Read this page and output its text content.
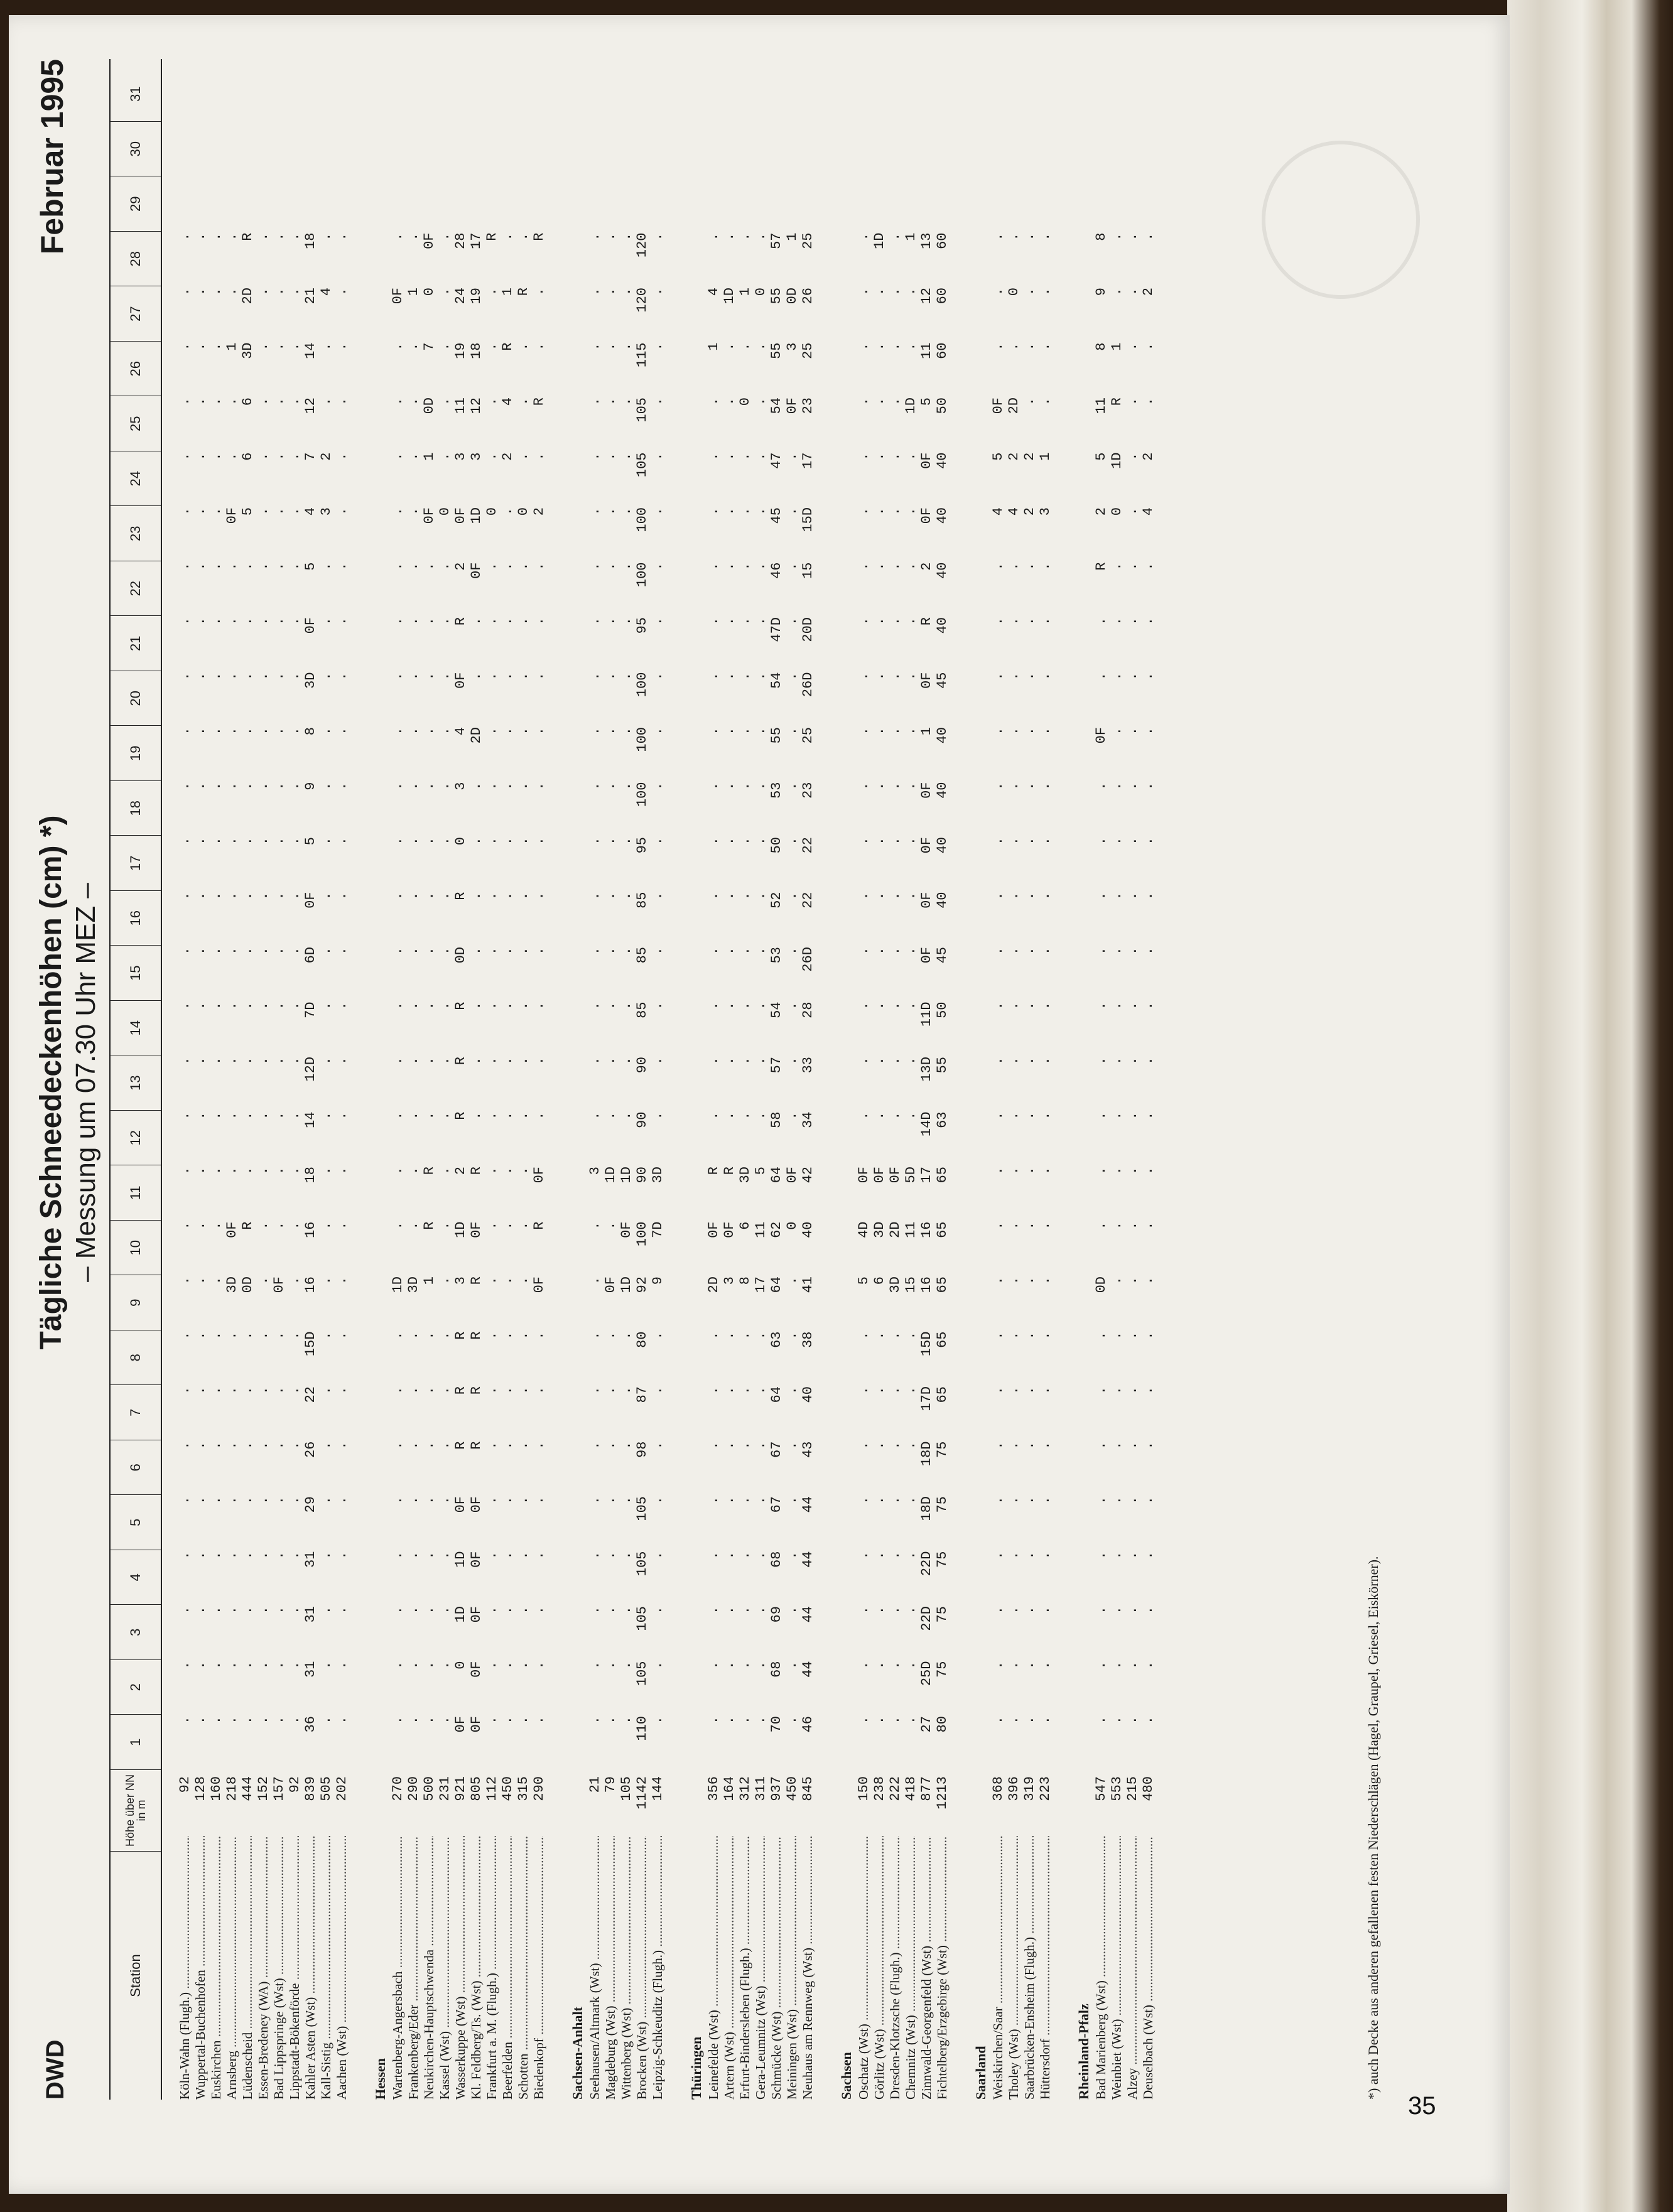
DWD
Tägliche Schneedeckenhöhen (cm) *) – Messung um 07.30 Uhr MEZ –
Februar 1995
Station
Höhe über NN in m
1
2
3
4
5
6
7
8
9
10
11
12
13
14
15
16
17
18
19
20
21
22
23
24
25
26
27
28
29
30
31
Köln-Wahn (Flugh.) .....
92
.
.
.
.
.
.
.
.
.
.
.
.
.
.
.
.
.
.
.
.
.
.
.
.
.
.
.
.
Wuppertal-Buchenhofen .....
128
.
.
.
.
.
.
.
.
.
.
.
.
.
.
.
.
.
.
.
.
.
.
.
.
.
.
.
.
Euskirchen .....
160
.
.
.
.
.
.
.
.
.
.
.
.
.
.
.
.
.
.
.
.
.
.
.
.
.
.
.
.
Arnsberg .....
218
.
.
.
.
.
.
.
.
3D
0F
.
.
.
.
.
.
.
.
.
.
.
.
0F
.
.
1
.
.
Lüdenscheid .....
444
.
.
.
.
.
.
.
.
0D
R
.
.
.
.
.
.
.
.
.
.
.
.
5
6
6
3D
2D
R
Essen-Bredeney (WA) .....
152
.
.
.
.
.
.
.
.
.
.
.
.
.
.
.
.
.
.
.
.
.
.
.
.
.
.
.
.
Bad Lippspringe (Wst) .....
157
.
.
.
.
.
.
.
.
0F
.
.
.
.
.
.
.
.
.
.
.
.
.
.
.
.
.
.
.
Lippstadt-Bökenförde .....
92
.
.
.
.
.
.
.
.
.
.
.
.
.
.
.
.
.
.
.
.
.
.
.
.
.
.
.
.
Kahler Asten (Wst) .....
839
36
31
31
31
29
26
22
15D
16
16
18
14
12D
7D
6D
0F
5
9
8
3D
0F
5
4
7
12
14
21
18
Kall-Sistig .....
505
.
.
.
.
.
.
.
.
.
.
.
.
.
.
.
.
.
.
.
.
.
.
3
2
.
.
4
.
Aachen (Wst) .....
202
.
.
.
.
.
.
.
.
.
.
.
.
.
.
.
.
.
.
.
.
.
.
.
.
.
.
.
.
Hessen Wartenberg-Angersbach .....
270
.
.
.
.
.
.
.
.
1D
.
.
.
.
.
.
.
.
.
.
.
.
.
.
.
.
.
0F
.
Frankenberg/Eder .....
290
.
.
.
.
.
.
.
.
3D
.
.
.
.
.
.
.
.
.
.
.
.
.
.
.
.
.
1
.
Neukirchen-Hauptschwenda .....
500
.
.
.
.
.
.
.
.
1
R
R
.
.
.
.
.
.
.
.
.
.
.
0F
1
0D
7
0
0F
Kassel (Wst) .....
231
.
.
.
.
.
.
.
.
.
.
.
.
.
.
.
.
.
.
.
.
.
.
0
.
.
.
.
.
Wasserkuppe (Wst) .....
921
0F
0
1D
1D
0F
R
R
R
3
1D
2
R
R
R
0D
R
0
3
4
0F
R
2
0F
3
11
19
24
28
Kl. Feldberg/Ts. (Wst) .....
805
0F
0F
0F
0F
0F
R
R
R
R
0F
R
.
.
.
.
.
.
.
2D
.
.
0F
1D
3
12
18
19
17
Frankfurt a. M. (Flugh.) .....
112
.
.
.
.
.
.
.
.
.
.
.
.
.
.
.
.
.
.
.
.
.
.
0
.
.
.
.
R
Beerfelden .....
450
.
.
.
.
.
.
.
.
.
.
.
.
.
.
.
.
.
.
.
.
.
.
.
2
4
R
1
.
Schotten .....
315
.
.
.
.
.
.
.
.
.
.
.
.
.
.
.
.
.
.
.
.
.
.
0
.
.
.
R
.
Biedenkopf .....
290
.
.
.
.
.
.
.
.
0F
R
0F
.
.
.
.
.
.
.
.
.
.
.
2
.
R
.
.
R
Sachsen-Anhalt Seehausen/Altmark (Wst) .....
21
.
.
.
.
.
.
.
.
.
.
3
.
.
.
.
.
.
.
.
.
.
.
.
.
.
.
.
.
Magdeburg (Wst) .....
79
.
.
.
.
.
.
.
.
0F
.
1D
.
.
.
.
.
.
.
.
.
.
.
.
.
.
.
.
.
Wittenberg (Wst) .....
105
.
.
.
.
.
.
.
.
1D
0F
1D
.
.
.
.
.
.
.
.
.
.
.
.
.
.
.
.
.
Brocken (Wst) .....
1142
110
105
105
105
105
98
87
80
92
100
90
90
90
85
85
85
95
100
100
100
95
100
100
105
105
115
120
120
Leipzig-Schkeuditz (Flugh.) .....
144
.
.
.
.
.
.
.
.
9
7D
3D
.
.
.
.
.
.
.
.
.
.
.
.
.
.
.
.
.
Thüringen Leinefelde (Wst) .....
356
.
.
.
.
.
.
.
.
2D
0F
R
.
.
.
.
.
.
.
.
.
.
.
.
.
.
1
4
.
Artern (Wst) .....
164
.
.
.
.
.
.
.
.
3
0F
R
.
.
.
.
.
.
.
.
.
.
.
.
.
.
.
1D
.
Erfurt-Bindersleben (Flugh.) .....
312
.
.
.
.
.
.
.
.
8
6
3D
.
.
.
.
.
.
.
.
.
.
.
.
.
0
.
1
.
Gera-Leumnitz (Wst) .....
311
.
.
.
.
.
.
.
.
17
11
5
.
.
.
.
.
.
.
.
.
.
.
.
.
.
.
0
.
Schmücke (Wst) .....
937
70
68
69
68
67
67
64
63
64
62
64
58
57
54
53
52
50
53
55
54
47D
46
45
47
54
55
55
57
Meiningen (Wst) .....
450
.
.
.
.
.
.
.
.
.
0
0F
.
.
.
.
.
.
.
.
.
.
.
.
.
0F
3
0D
1
Neuhaus am Rennweg (Wst) .....
845
46
44
44
44
44
43
40
38
41
40
42
34
33
28
26D
22
22
23
25
26D
20D
15
15D
17
23
25
26
25
Sachsen Oschatz (Wst) .....
150
.
.
.
.
.
.
.
.
5
4D
0F
.
.
.
.
.
.
.
.
.
.
.
.
.
.
.
.
.
Görlitz (Wst) .....
238
.
.
.
.
.
.
.
.
6
3D
0F
.
.
.
.
.
.
.
.
.
.
.
.
.
.
.
.
1D
Dresden-Klotzsche (Flugh.) .....
222
.
.
.
.
.
.
.
.
3D
2D
0F
.
.
.
.
.
.
.
.
.
.
.
.
.
.
.
.
.
Chemnitz (Wst) .....
418
.
.
.
.
.
.
.
.
15
11
5D
.
.
.
.
.
.
.
.
.
.
.
.
.
1D
.
.
1
Zinnwald-Georgenfeld (Wst) .....
877
27
25D
22D
22D
18D
18D
17D
15D
16
16
17
14D
13D
11D
0F
0F
0F
0F
1
0F
R
2
0F
0F
5
11
12
13
Fichtelberg/Erzgebirge (Wst) .....
1213
80
75
75
75
75
75
65
65
65
65
65
63
55
50
45
40
40
40
40
45
40
40
40
40
50
60
60
60
Saarland Weiskirchen/Saar .....
368
.
.
.
.
.
.
.
.
.
.
.
.
.
.
.
.
.
.
.
.
.
.
4
5
0F
.
.
.
Tholey (Wst) .....
396
.
.
.
.
.
.
.
.
.
.
.
.
.
.
.
.
.
.
.
.
.
.
4
2
2D
.
0
.
Saarbrücken-Ensheim (Flugh.) .....
319
.
.
.
.
.
.
.
.
.
.
.
.
.
.
.
.
.
.
.
.
.
.
2
2
.
.
.
.
Hüttersdorf .....
223
.
.
.
.
.
.
.
.
.
.
.
.
.
.
.
.
.
.
.
.
.
.
3
1
.
.
.
.
Rheinland-Pfalz Bad Marienberg (Wst) .....
547
.
.
.
.
.
.
.
.
0D
.
.
.
.
.
.
.
.
.
0F
.
.
R
2
5
11
8
9
8
Weinbiet (Wst) .....
553
.
.
.
.
.
.
.
.
.
.
.
.
.
.
.
.
.
.
.
.
.
.
0
1D
R
1
.
.
Alzey .....
215
.
.
.
.
.
.
.
.
.
.
.
.
.
.
.
.
.
.
.
.
.
.
.
.
.
.
.
.
Deuselbach (Wst) .....
480
.
.
.
.
.
.
.
.
.
.
.
.
.
.
.
.
.
.
.
.
.
.
4
2
.
.
2
.
*) auch Decke aus anderen gefallenen festen Niederschlägen (Hagel, Graupel, Griesel, Eiskörner).
35
